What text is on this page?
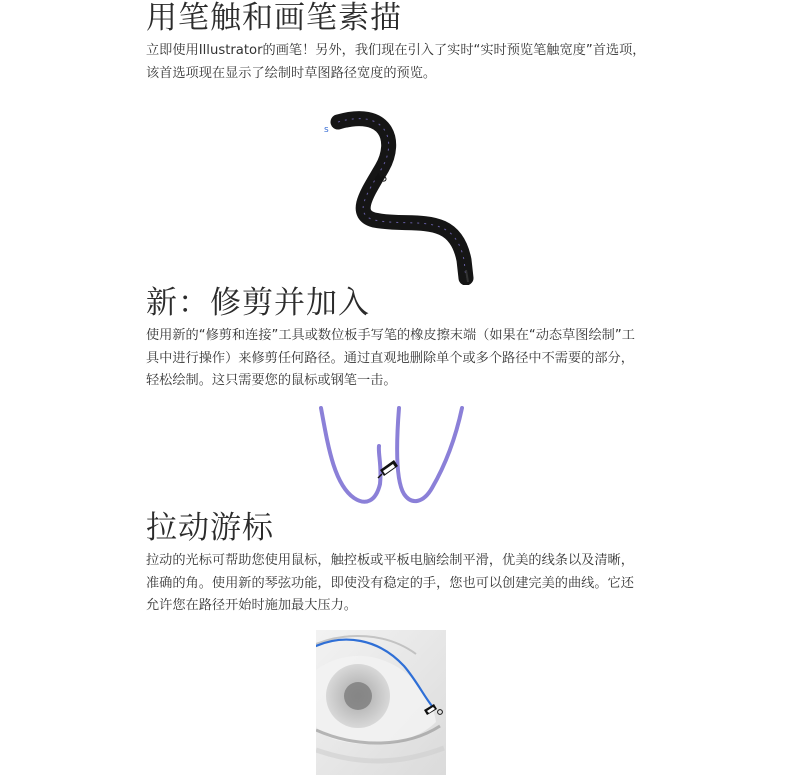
用笔触和画笔素描

立即使用Illustrator的画笔！另外，我们现在引入了实时“实时预览笔触宽度”首选项，该首选项现在显示了绘制时草图路径宽度的预览。

s
新：修剪并加入

使用新的“修剪和连接”工具或数位板手写笔的橡皮擦末端（如果在“动态草图绘制”工具中进行操作）来修剪任何路径。通过直观地删除单个或多个路径中不需要的部分，轻松绘制。这只需要您的鼠标或钢笔一击。

拉动游标

拉动的光标可帮助您使用鼠标，触控板或平板电脑绘制平滑，优美的线条以及清晰，准确的角。使用新的琴弦功能，即使没有稳定的手，您也可以创建完美的曲线。它还允许您在路径开始时施加最大压力。
